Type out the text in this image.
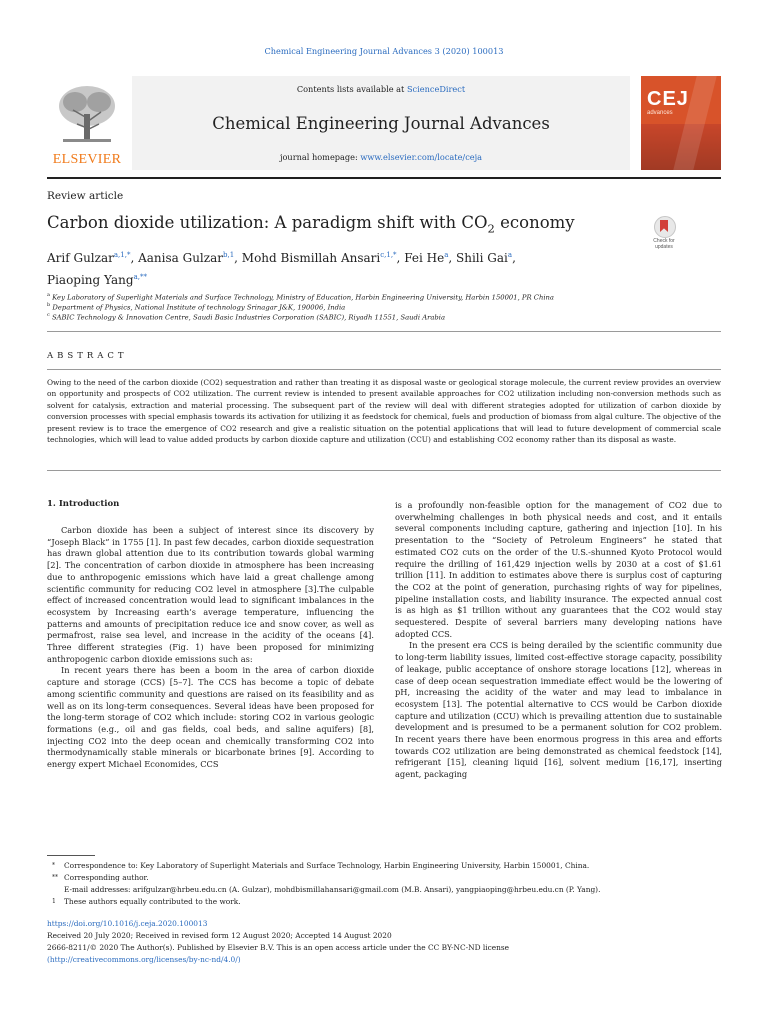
Chemical Engineering Journal Advances 3 (2020) 100013
ELSEVIER
Contents lists available at ScienceDirect
Chemical Engineering Journal Advances
journal homepage: www.elsevier.com/locate/ceja
CEJ
advances
Review article
Carbon dioxide utilization: A paradigm shift with $CO_2$ economy
Check for updates
Arif Gulzar$^{a,1,*}$, Aanisa Gulzar$^{b,1}$, Mohd Bismillah Ansari$^{c,1,*}$, Fei He$^a$, Shili Gai$^a$,
Piaoping Yang$^{a,**}$
$^a$ Key Laboratory of Superlight Materials and Surface Technology, Ministry of Education, Harbin Engineering University, Harbin 150001, PR China
$^b$ Department of Physics, National Institute of technology Srinagar J&K, 190006, India
$^c$ SABIC Technology & Innovation Centre, Saudi Basic Industries Corporation (SABIC), Riyadh 11551, Saudi Arabia
ABSTRACT
Owing to the need of the carbon dioxide (CO2) sequestration and rather than treating it as disposal waste or geological storage molecule, the current review provides an overview on opportunity and prospects of CO2 utilization. The current review is intended to present available approaches for CO2 utilization including non-conversion methods such as solvent for catalysis, extraction and material processing. The subsequent part of the review will deal with different strategies adopted for utilization of carbon dioxide by conversion processes with special emphasis towards its activation for utilizing it as feedstock for chemical, fuels and production of biomass from algal culture. The objective of the present review is to trace the emergence of CO2 research and give a realistic situation on the potential applications that will lead to future development of commercial scale technologies, which will lead to value added products by carbon dioxide capture and utilization (CCU) and establishing CO2 economy rather than its disposal as waste.
1. Introduction

Carbon dioxide has been a subject of interest since its discovery by “Joseph Black” in 1755 [1]. In past few decades, carbon dioxide sequestration has drawn global attention due to its contribution towards global warming [2]. The concentration of carbon dioxide in atmosphere has been increasing due to anthropogenic emissions which have laid a great challenge among scientific community for reducing CO2 level in atmosphere [3].The culpable effect of increased concentration would lead to significant imbalances in the ecosystem by Increasing earth’s average temperature, influencing the patterns and amounts of precipitation reduce ice and snow cover, as well as permafrost, raise sea level, and increase in the acidity of the oceans [4]. Three different strategies (Fig. 1) have been proposed for minimizing anthropogenic carbon dioxide emissions such as:

In recent years there has been a boom in the area of carbon dioxide capture and storage (CCS) [5–7]. The CCS has become a topic of debate among scientific community and questions are raised on its feasibility and as well as on its long-term consequences. Several ideas have been proposed for the long-term storage of CO2 which include: storing CO2 in various geologic formations (e.g., oil and gas fields, coal beds, and saline aquifers) [8], injecting CO2 into the deep ocean and chemically transforming CO2 into thermodynamically stable minerals or bicarbonate brines [9]. According to energy expert Michael Economides, CCS

is a profoundly non-feasible option for the management of CO2 due to overwhelming challenges in both physical needs and cost, and it entails several components including capture, gathering and injection [10]. In his presentation to the “Society of Petroleum Engineers” he stated that estimated CO2 cuts on the order of the U.S.-shunned Kyoto Protocol would require the drilling of 161,429 injection wells by 2030 at a cost of $1.61 trillion [11]. In addition to estimates above there is surplus cost of capturing the CO2 at the point of generation, purchasing rights of way for pipelines, pipeline installation costs, and liability insurance. The expected annual cost is as high as $1 trillion without any guarantees that the CO2 would stay sequestered. Despite of several barriers many developing nations have adopted CCS.

In the present era CCS is being derailed by the scientific community due to long-term liability issues, limited cost-effective storage capacity, possibility of leakage, public acceptance of onshore storage locations [12], whereas in case of deep ocean sequestration immediate effect would be the lowering of pH, increasing the acidity of the water and may lead to imbalance in ecosystem [13]. The potential alternative to CCS would be Carbon dioxide capture and utilization (CCU) which is prevailing attention due to sustainable development and is presumed to be a permanent solution for CO2 problem. In recent years there have been enormous progress in this area and efforts towards CO2 utilization are being demonstrated as chemical feedstock [14], refrigerant [15], cleaning liquid [16], solvent medium [16,17], inserting agent, packaging

* Correspondence to: Key Laboratory of Superlight Materials and Surface Technology, Harbin Engineering University, Harbin 150001, China.
** Corresponding author.
E-mail addresses: arifgulzar@hrbeu.edu.cn (A. Gulzar), mohdbismillahansari@gmail.com (M.B. Ansari), yangpiaoping@hrbeu.edu.cn (P. Yang).
1 These authors equally contributed to the work.
https://doi.org/10.1016/j.ceja.2020.100013
Received 20 July 2020; Received in revised form 12 August 2020; Accepted 14 August 2020
2666-8211/© 2020 The Author(s). Published by Elsevier B.V. This is an open access article under the CC BY-NC-ND license
(http://creativecommons.org/licenses/by-nc-nd/4.0/)
